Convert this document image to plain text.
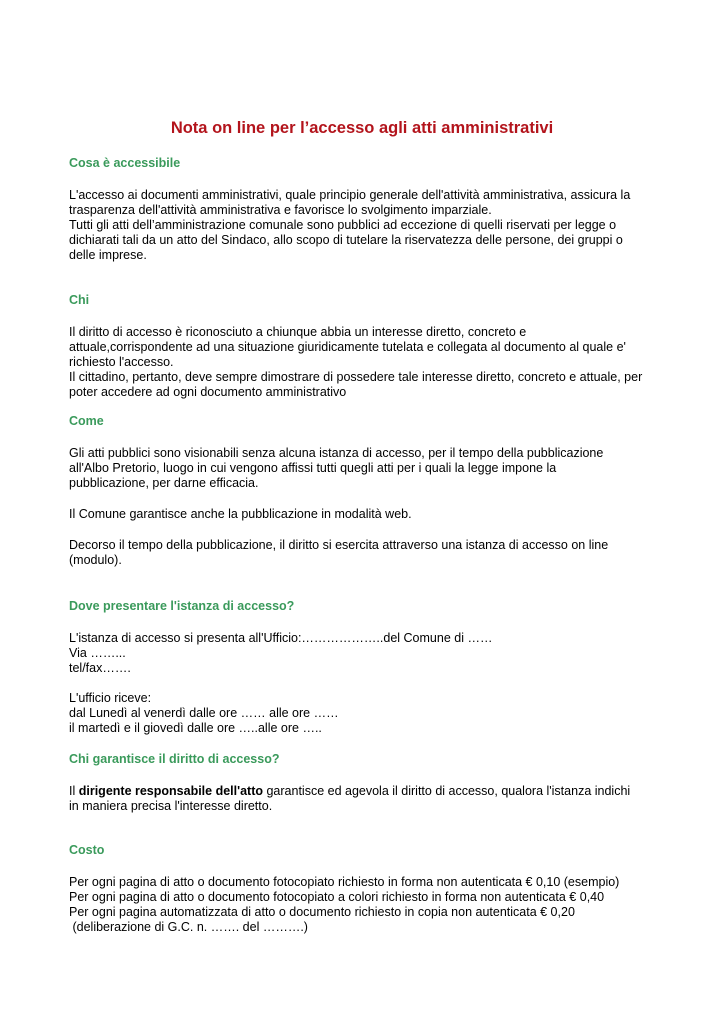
Nota on line per l’accesso agli atti amministrativi

Cosa è accessibile

L'accesso ai documenti amministrativi, quale principio generale dell'attività amministrativa, assicura la

trasparenza dell'attività amministrativa e favorisce lo svolgimento imparziale.

Tutti gli atti dell’amministrazione comunale sono pubblici ad eccezione di quelli riservati per legge o

dichiarati tali da un atto del Sindaco, allo scopo di tutelare la riservatezza delle persone, dei gruppi o

delle imprese.

Chi

Il diritto di accesso è riconosciuto a chiunque abbia un interesse diretto, concreto e

attuale,corrispondente ad una situazione giuridicamente tutelata e collegata al documento al quale e'

richiesto l'accesso.

Il cittadino, pertanto, deve sempre dimostrare di possedere tale interesse diretto, concreto e attuale, per

poter accedere ad ogni documento amministrativo

Come

Gli atti pubblici sono visionabili senza alcuna istanza di accesso, per il tempo della pubblicazione

all'Albo Pretorio, luogo in cui vengono affissi tutti quegli atti per i quali la legge impone la

pubblicazione, per darne efficacia.

Il Comune garantisce anche la pubblicazione in modalità web.

Decorso il tempo della pubblicazione, il diritto si esercita attraverso una istanza di accesso on line

(modulo).

Dove presentare l'istanza di accesso?

L'istanza di accesso si presenta all'Ufficio:………………..del Comune di ……

Via ……...

tel/fax…….

L'ufficio riceve:

dal Lunedì al venerdì dalle ore …… alle ore ……

il martedì e il giovedì dalle ore …..alle ore …..

Chi garantisce il diritto di accesso?

Il dirigente responsabile dell'atto garantisce ed agevola il diritto di accesso, qualora l'istanza indichi

in maniera precisa l'interesse diretto.

Costo

Per ogni pagina di atto o documento fotocopiato richiesto in forma non autenticata € 0,10 (esempio)

Per ogni pagina di atto o documento fotocopiato a colori richiesto in forma non autenticata € 0,40

Per ogni pagina automatizzata di atto o documento richiesto in copia non autenticata € 0,20

(deliberazione di G.C. n. ……. del ……….)
